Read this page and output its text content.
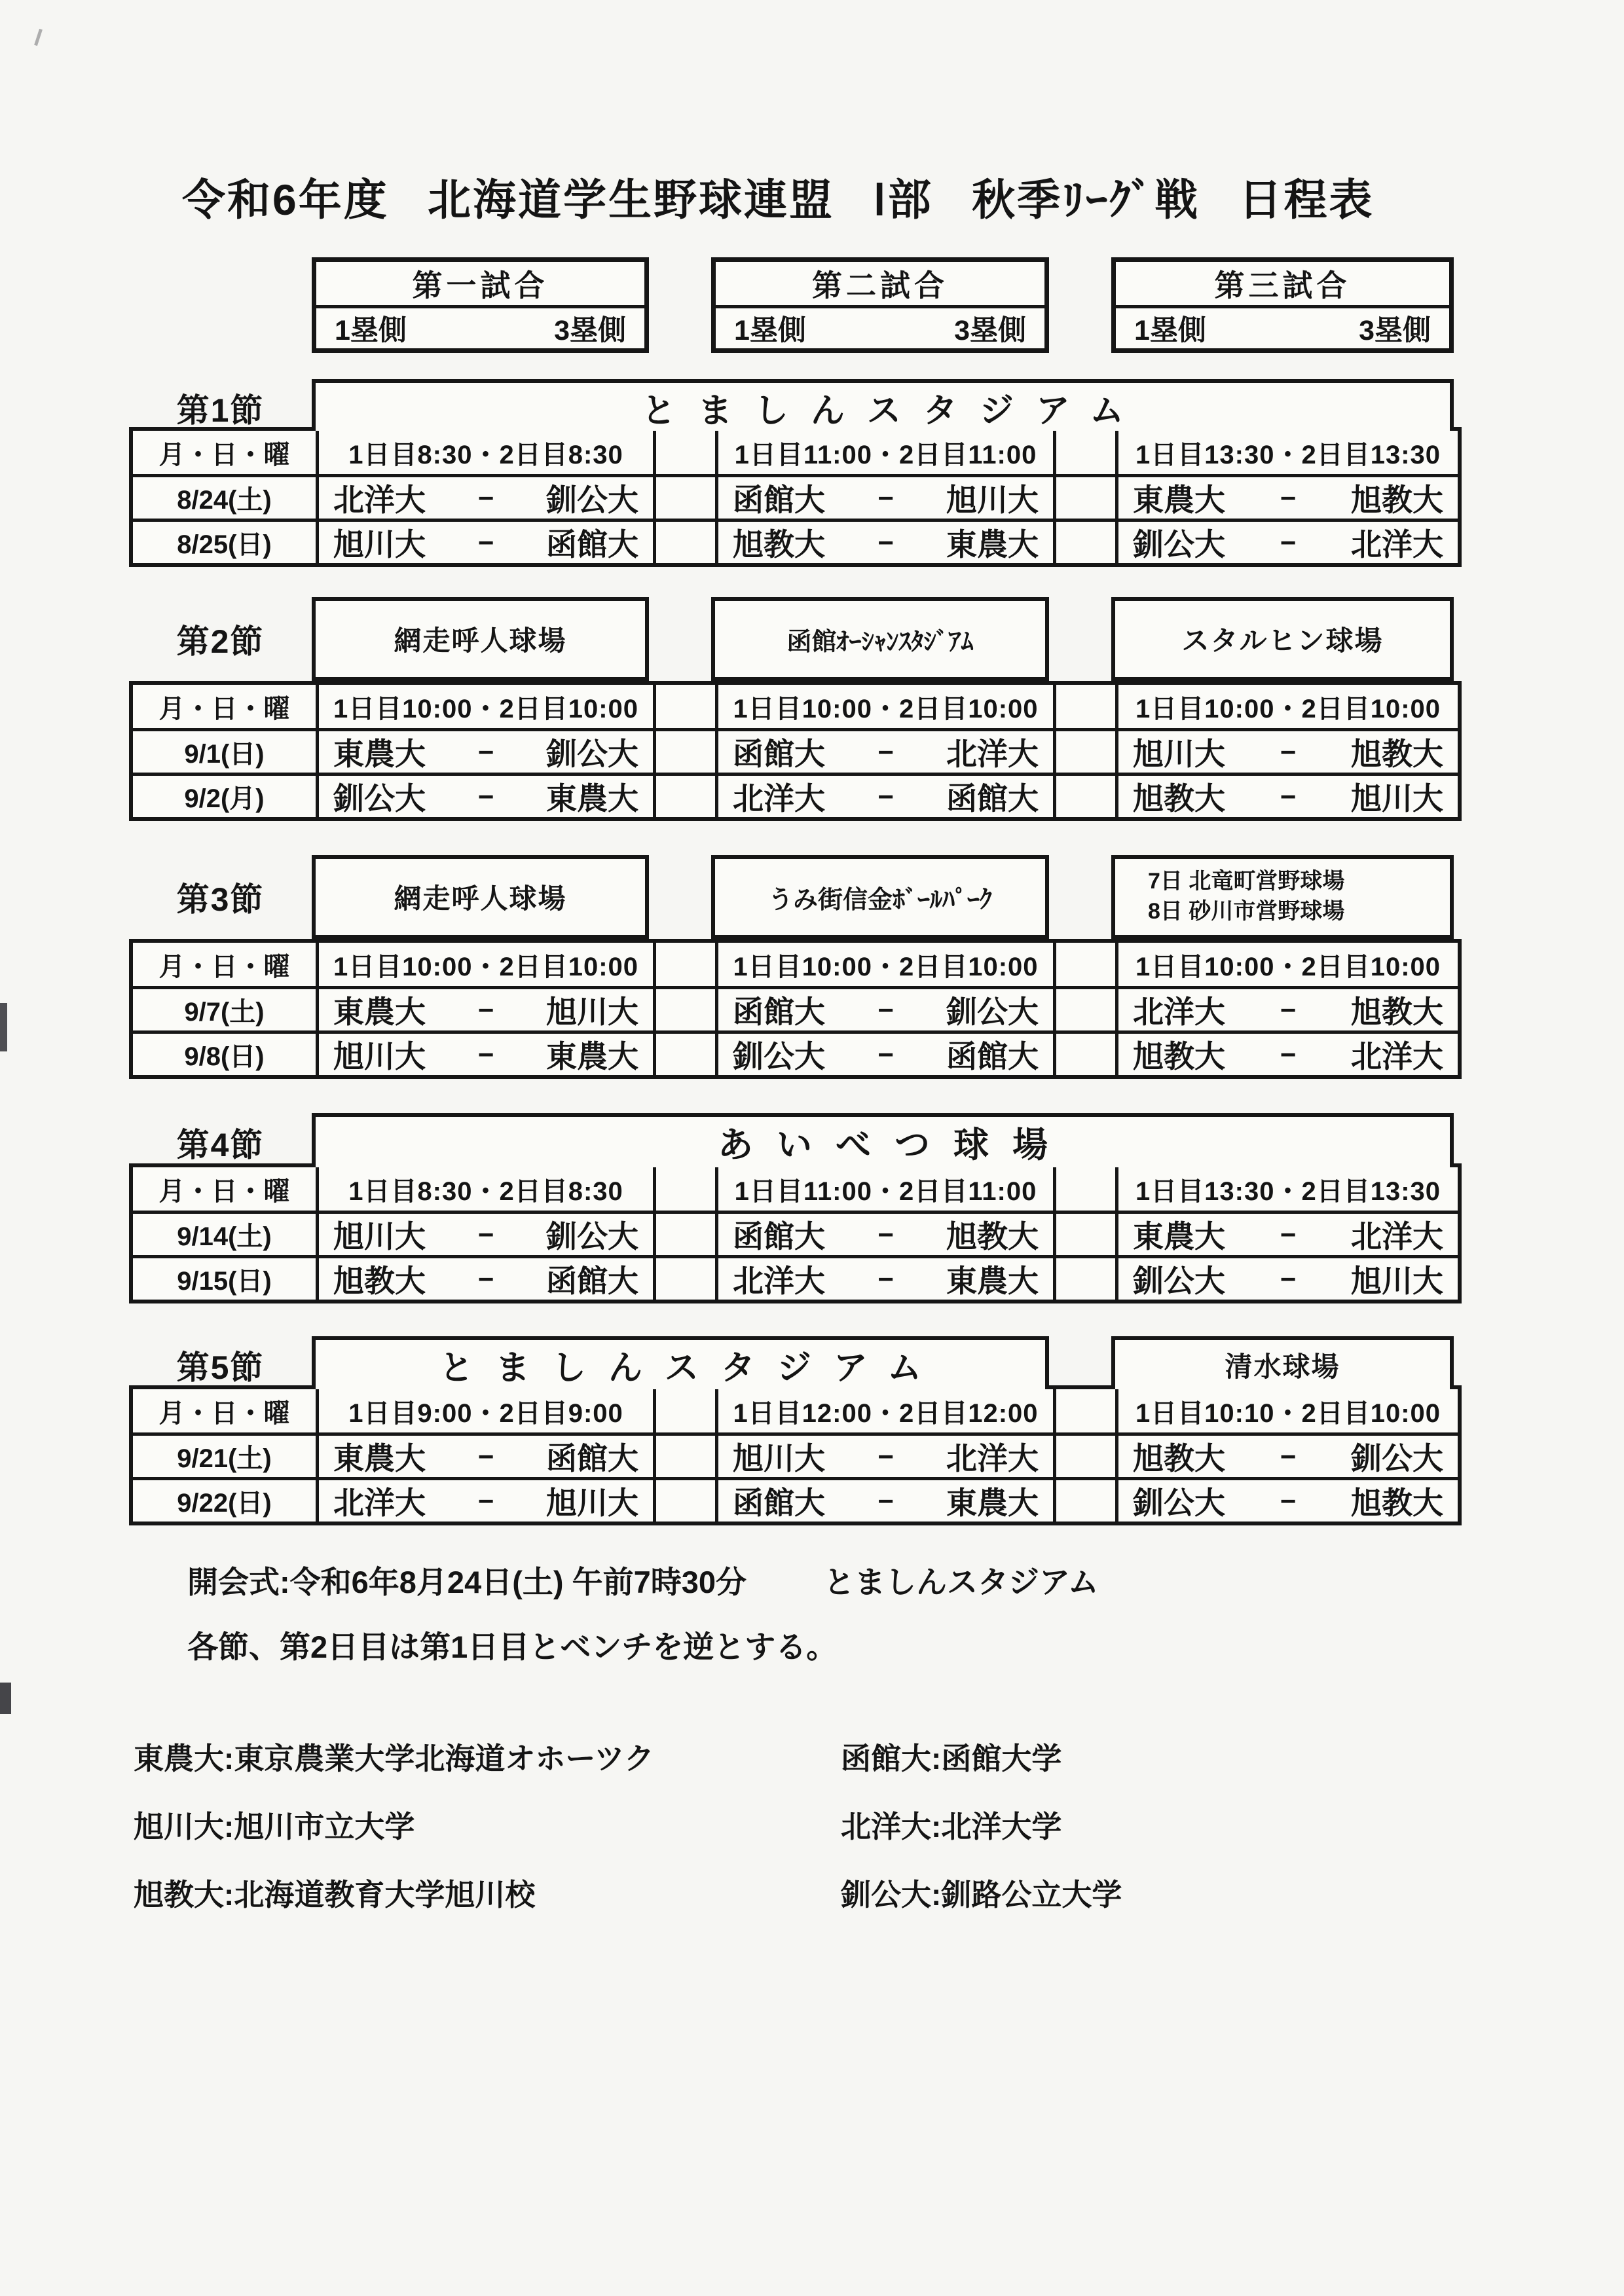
令和6年度 北海道学生野球連盟 Ⅰ部 秋季ﾘｰｸﾞ戦 日程表
第一試合
1塁側	3塁側
第二試合
1塁側	3塁側
第三試合
1塁側	3塁側
第1節	とましんスタジアム
月・日・曜	1日目8:30・2日目8:30	1日目11:00・2日目11:00	1日目13:30・2日目13:30
8/24(土)	北洋大 − 釧公大	函館大 − 旭川大	東農大 − 旭教大
8/25(日)	旭川大 − 函館大	旭教大 − 東農大	釧公大 − 北洋大
第2節	網走呼人球場	函館ｵｰｼｬﾝｽﾀｼﾞｱﾑ	スタルヒン球場
月・日・曜	1日目10:00・2日目10:00	1日目10:00・2日目10:00	1日目10:00・2日目10:00
9/1(日)	東農大 − 釧公大	函館大 − 北洋大	旭川大 − 旭教大
9/2(月)	釧公大 − 東農大	北洋大 − 函館大	旭教大 − 旭川大
第3節	網走呼人球場	うみ街信金ﾎﾞｰﾙﾊﾟｰｸ
7日 北竜町営野球場
8日 砂川市営野球場
月・日・曜	1日目10:00・2日目10:00	1日目10:00・2日目10:00	1日目10:00・2日目10:00
9/7(土)	東農大 − 旭川大	函館大 − 釧公大	北洋大 − 旭教大
9/8(日)	旭川大 − 東農大	釧公大 − 函館大	旭教大 − 北洋大
第4節	あいべつ球場
月・日・曜	1日目8:30・2日目8:30	1日目11:00・2日目11:00	1日目13:30・2日目13:30
9/14(土)	旭川大 − 釧公大	函館大 − 旭教大	東農大 − 北洋大
9/15(日)	旭教大 − 函館大	北洋大 − 東農大	釧公大 − 旭川大
第5節	とましんスタジアム	清水球場
月・日・曜	1日目9:00・2日目9:00	1日目12:00・2日目12:00	1日目10:10・2日目10:00
9/21(土)	東農大 − 函館大	旭川大 − 北洋大	旭教大 − 釧公大
9/22(日)	北洋大 − 旭川大	函館大 − 東農大	釧公大 − 旭教大
開会式:令和6年8月24日(土) 午前7時30分	とましんスタジアム
各節、第2日目は第1日目とベンチを逆とする。
東農大:東京農業大学北海道オホーツク	函館大:函館大学
旭川大:旭川市立大学	北洋大:北洋大学
旭教大:北海道教育大学旭川校	釧公大:釧路公立大学
